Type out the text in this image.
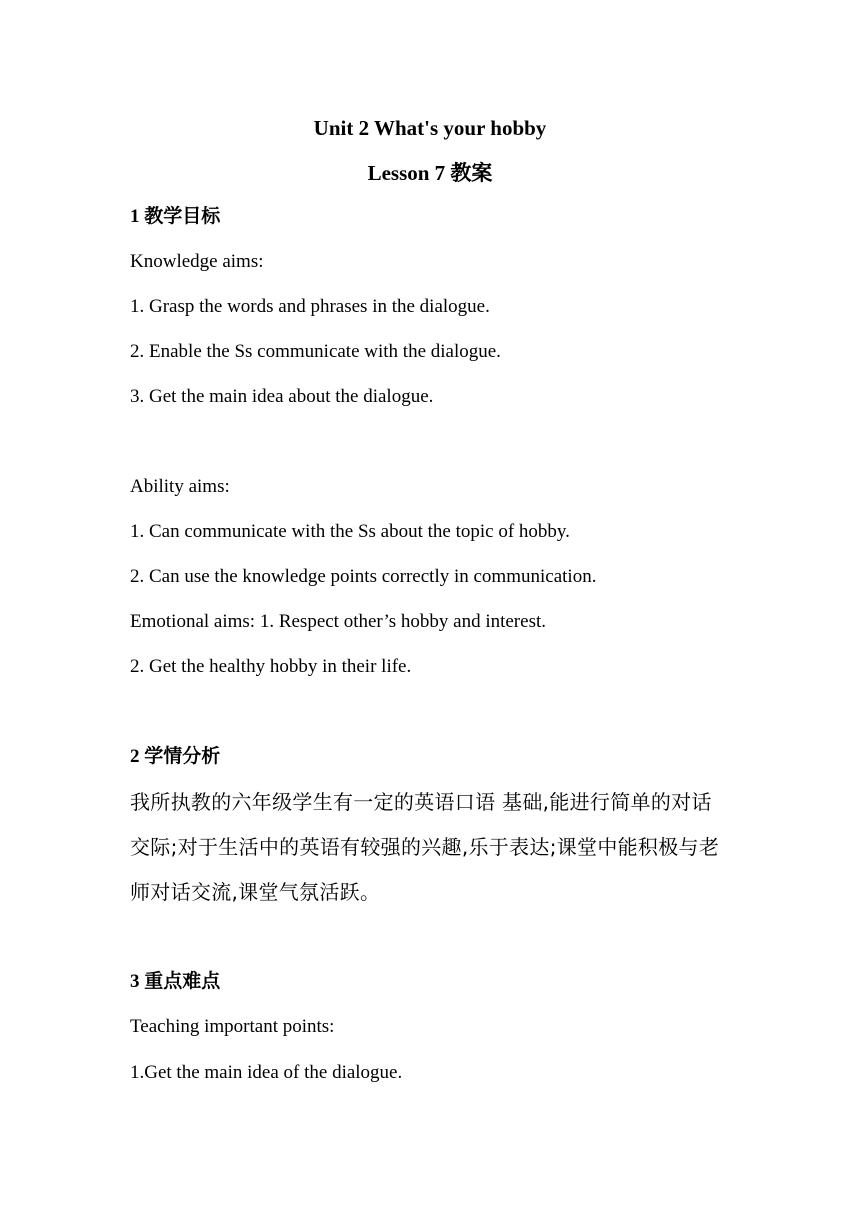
Unit 2 What's your hobby
Lesson 7 教案

1 教学目标

Knowledge aims:

1. Grasp the words and phrases in the dialogue.

2. Enable the Ss communicate with the dialogue.

3. Get the main idea about the dialogue.

Ability aims:

1. Can communicate with the Ss about the topic of hobby.

2. Can use the knowledge points correctly in communication.

Emotional aims: 1. Respect other’s hobby and interest.

2. Get the healthy hobby in their life.

2 学情分析

我所执教的六年级学生有一定的英语口语 基础,能进行简单的对话

交际;对于生活中的英语有较强的兴趣,乐于表达;课堂中能积极与老

师对话交流,课堂气氛活跃。

3 重点难点

Teaching important points:

1.Get the main idea of the dialogue.
